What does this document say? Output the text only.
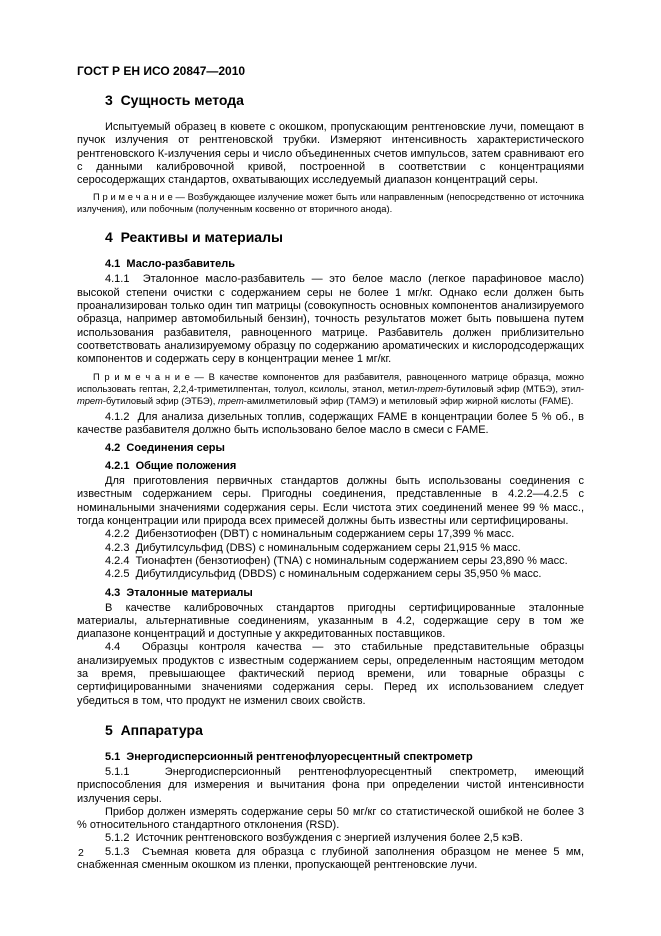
ГОСТ Р ЕН ИСО 20847—2010
3  Сущность метода
Испытуемый образец в кювете с окошком, пропускающим рентгеновские лучи, помещают в пучок излучения от рентгеновской трубки. Измеряют интенсивность характеристического рентгеновского К-излучения серы и число объединенных счетов импульсов, затем сравнивают его с данными калибровочной кривой, построенной в соответствии с концентрациями серосодержащих стандартов, охватывающих исследуемый диапазон концентраций серы.
П р и м е ч а н и е — Возбуждающее излучение может быть или направленным (непосредственно от источника излучения), или побочным (полученным косвенно от вторичного анода).
4  Реактивы и материалы
4.1  Масло-разбавитель
4.1.1  Эталонное масло-разбавитель — это белое масло (легкое парафиновое масло) высокой степени очистки с содержанием серы не более 1 мг/кг. Однако если должен быть проанализирован только один тип матрицы (совокупность основных компонентов анализируемого образца, например автомобильный бензин), точность результатов может быть повышена путем использования разбавителя, равноценного матрице. Разбавитель должен приблизительно соответствовать анализируемому образцу по содержанию ароматических и кислородсодержащих компонентов и содержать серу в концентрации менее 1 мг/кг.
П р и м е ч а н и е — В качестве компонентов для разбавителя, равноценного матрице образца, можно использовать гептан, 2,2,4-триметилпентан, толуол, ксилолы, этанол, метил-трет-бутиловый эфир (МТБЭ), этил-трет-бутиловый эфир (ЭТБЭ), трет-амилметиловый эфир (ТАМЭ) и метиловый эфир жирной кислоты (FAME).
4.1.2  Для анализа дизельных топлив, содержащих FAME в концентрации более 5 % об., в качестве разбавителя должно быть использовано белое масло в смеси с FAME.
4.2  Соединения серы
4.2.1  Общие положения
Для приготовления первичных стандартов должны быть использованы соединения с известным содержанием серы. Пригодны соединения, представленные в 4.2.2—4.2.5 с номинальными значениями содержания серы. Если чистота этих соединений менее 99 % масс., тогда концентрации или природа всех примесей должны быть известны или сертифицированы.
4.2.2  Дибензотиофен (DBT) с номинальным содержанием серы 17,399 % масс.
4.2.3  Дибутилсульфид (DBS) с номинальным содержанием серы 21,915 % масс.
4.2.4  Тионафтен (бензотиофен) (TNA) с номинальным содержанием серы 23,890 % масс.
4.2.5  Дибутилдисульфид (DBDS) с номинальным содержанием серы 35,950 % масс.
4.3  Эталонные материалы
В качестве калибровочных стандартов пригодны сертифицированные эталонные материалы, альтернативные соединениям, указанным в 4.2, содержащие серу в том же диапазоне концентраций и доступные у аккредитованных поставщиков.
4.4  Образцы контроля качества — это стабильные представительные образцы анализируемых продуктов с известным содержанием серы, определенным настоящим методом за время, превышающее фактический период времени, или товарные образцы с сертифицированными значениями содержания серы. Перед их использованием следует убедиться в том, что продукт не изменил своих свойств.
5  Аппаратура
5.1  Энергодисперсионный рентгенофлуоресцентный спектрометр
5.1.1  Энергодисперсионный рентгенофлуоресцентный спектрометр, имеющий приспособления для измерения и вычитания фона при определении чистой интенсивности излучения серы.
Прибор должен измерять содержание серы 50 мг/кг со статистической ошибкой не более 3 % относительного стандартного отклонения (RSD).
5.1.2  Источник рентгеновского возбуждения с энергией излучения более 2,5 кэВ.
5.1.3  Съемная кювета для образца с глубиной заполнения образцом не менее 5 мм, снабженная сменным окошком из пленки, пропускающей рентгеновские лучи.
2
